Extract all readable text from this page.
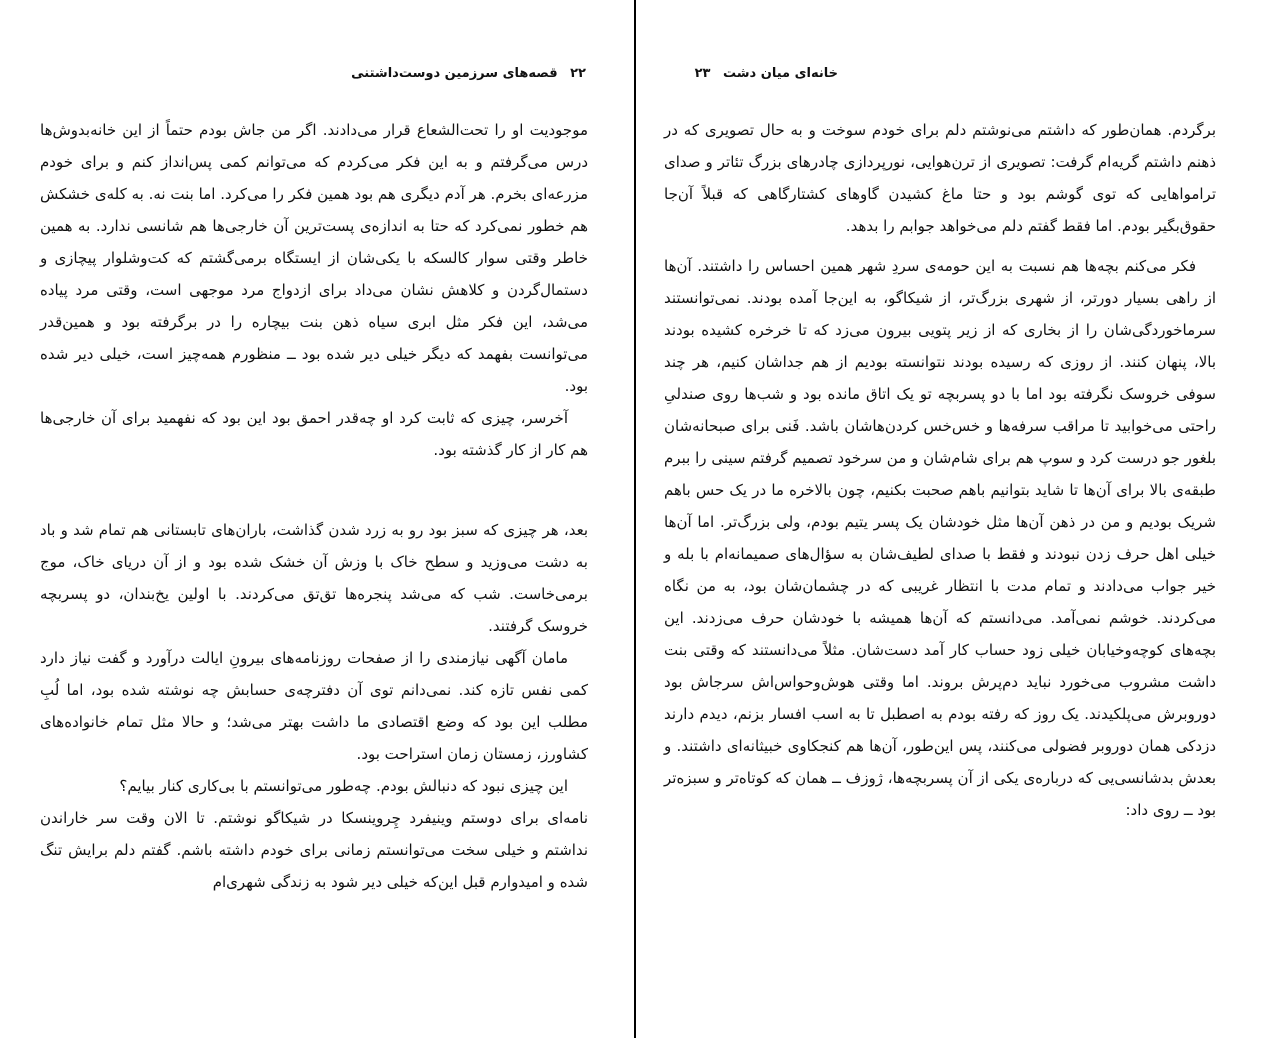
۲۲ قصه‌های سرزمین دوست‌داشتنی

موجودیت او را تحت‌الشعاع قرار می‌دادند. اگر من جاش بودم حتماً از این خانه‌بدوش‌ها درس می‌گرفتم و به این فکر می‌کردم که می‌توانم کمی پس‌انداز کنم و برای خودم مزرعه‌ای بخرم. هر آدم دیگری هم بود همین فکر را می‌کرد. اما بنت نه. به کله‌ی خشکش هم خطور نمی‌کرد که حتا به اندازه‌ی پست‌ترین آن خارجی‌ها هم شانسی ندارد. به همین خاطر وقتی سوار کالسکه با یکی‌شان از ایستگاه برمی‌گشتم که کت‌وشلوار پیچازی و دستمال‌گردن و کلاهش نشان می‌داد برای ازدواج مرد موجهی است، وقتی مرد پیاده می‌شد، این فکر مثل ابری سیاه ذهن بنت بیچاره را در برگرفته بود و همین‌قدر می‌توانست بفهمد که دیگر خیلی دیر شده بود ــ منظورم همه‌چیز است، خیلی دیر شده بود.

آخرسر، چیزی که ثابت کرد او چه‌قدر احمق بود این بود که نفهمید برای آن خارجی‌ها هم کار از کار گذشته بود.

بعد، هر چیزی که سبز بود رو به زرد شدن گذاشت، باران‌های تابستانی هم تمام شد و باد به دشت می‌وزید و سطح خاک با وزش آن خشک شده بود و از آن دریای خاک، موج برمی‌خاست. شب که می‌شد پنجره‌ها تق‌تق می‌کردند. با اولین یخ‌بندان، دو پسربچه خروسک گرفتند.

مامان آگهی نیازمندی را از صفحات روزنامه‌های بیرونِ ایالت درآورد و گفت نیاز دارد کمی نفس تازه کند. نمی‌دانم توی آن دفترچه‌ی حسابش چه نوشته شده بود، اما لُبِ مطلب این بود که وضع اقتصادی ما داشت بهتر می‌شد؛ و حالا مثل تمام خانواده‌های کشاورز، زمستان زمان استراحت بود.

این چیزی نبود که دنبالش بودم. چه‌طور می‌توانستم با بی‌کاری کنار بیایم؟

نامه‌ای برای دوستم وینیفرد چِروینسکا در شیکاگو نوشتم. تا الان وقت سر خاراندن نداشتم و خیلی سخت می‌توانستم زمانی برای خودم داشته باشم. گفتم دلم برایش تنگ شده و امیدوارم قبل این‌که خیلی دیر شود به زندگی شهری‌ام

خانه‌ای میان دشت ۲۳

برگردم. همان‌طور که داشتم می‌نوشتم دلم برای خودم سوخت و به حال تصویری که در ذهنم داشتم گریه‌ام گرفت: تصویری از ترن‌هوایی، نورپردازی چادرهای بزرگ تئاتر و صدای ترامواهایی که توی گوشم بود و حتا ماغ کشیدن گاوهای کشتارگاهی که قبلاً آن‌جا حقوق‌بگیر بودم. اما فقط گفتم دلم می‌خواهد جوابم را بدهد.

فکر می‌کنم بچه‌ها هم نسبت به این حومه‌ی سردِ شهر همین احساس را داشتند. آن‌ها از راهی بسیار دورتر، از شهری بزرگ‌تر، از شیکاگو، به این‌جا آمده بودند. نمی‌توانستند سرماخوردگی‌شان را از بخاری که از زیر پتویی بیرون می‌زد که تا خرخره کشیده بودند بالا، پنهان کنند. از روزی که رسیده بودند نتوانسته بودیم از هم جداشان کنیم، هر چند سوفی خروسک نگرفته بود اما با دو پسربچه تو یک اتاق مانده بود و شب‌ها روی صندلیِ راحتی می‌خوابید تا مراقب سرفه‌ها و خس‌خس کردن‌هاشان باشد. فَنی برای صبحانه‌شان بلغور جو درست کرد و سوپ هم برای شام‌شان و من سرخود تصمیم گرفتم سینی را ببرم طبقه‌ی بالا برای آن‌ها تا شاید بتوانیم باهم صحبت بکنیم، چون بالاخره ما در یک حس باهم شریک بودیم و من در ذهن آن‌ها مثل خودشان یک پسر یتیم بودم، ولی بزرگ‌تر. اما آن‌ها خیلی اهل حرف زدن نبودند و فقط با صدای لطیف‌شان به سؤال‌های صمیمانه‌ام با بله و خیر جواب می‌دادند و تمام مدت با انتظار غریبی که در چشمان‌شان بود، به من نگاه می‌کردند. خوشم نمی‌آمد. می‌دانستم که آن‌ها همیشه با خودشان حرف می‌زدند. این بچه‌های کوچه‌وخیابان خیلی زود حساب کار آمد دست‌شان. مثلاً می‌دانستند که وقتی بنت داشت مشروب می‌خورد نباید دم‌پرش بروند. اما وقتی هوش‌وحواس‌اش سرجاش بود دوروبرش می‌پلکیدند. یک روز که رفته بودم به اصطبل تا به اسب افسار بزنم، دیدم دارند دزدکی همان دوروبر فضولی می‌کنند، پس این‌طور، آن‌ها هم کنجکاوی خبیثانه‌ای داشتند. و بعدش بدشانسی‌یی که درباره‌ی یکی از آن پسربچه‌ها، ژوزف ــ همان که کوتاه‌تر و سبزه‌تر بود ــ روی داد:
